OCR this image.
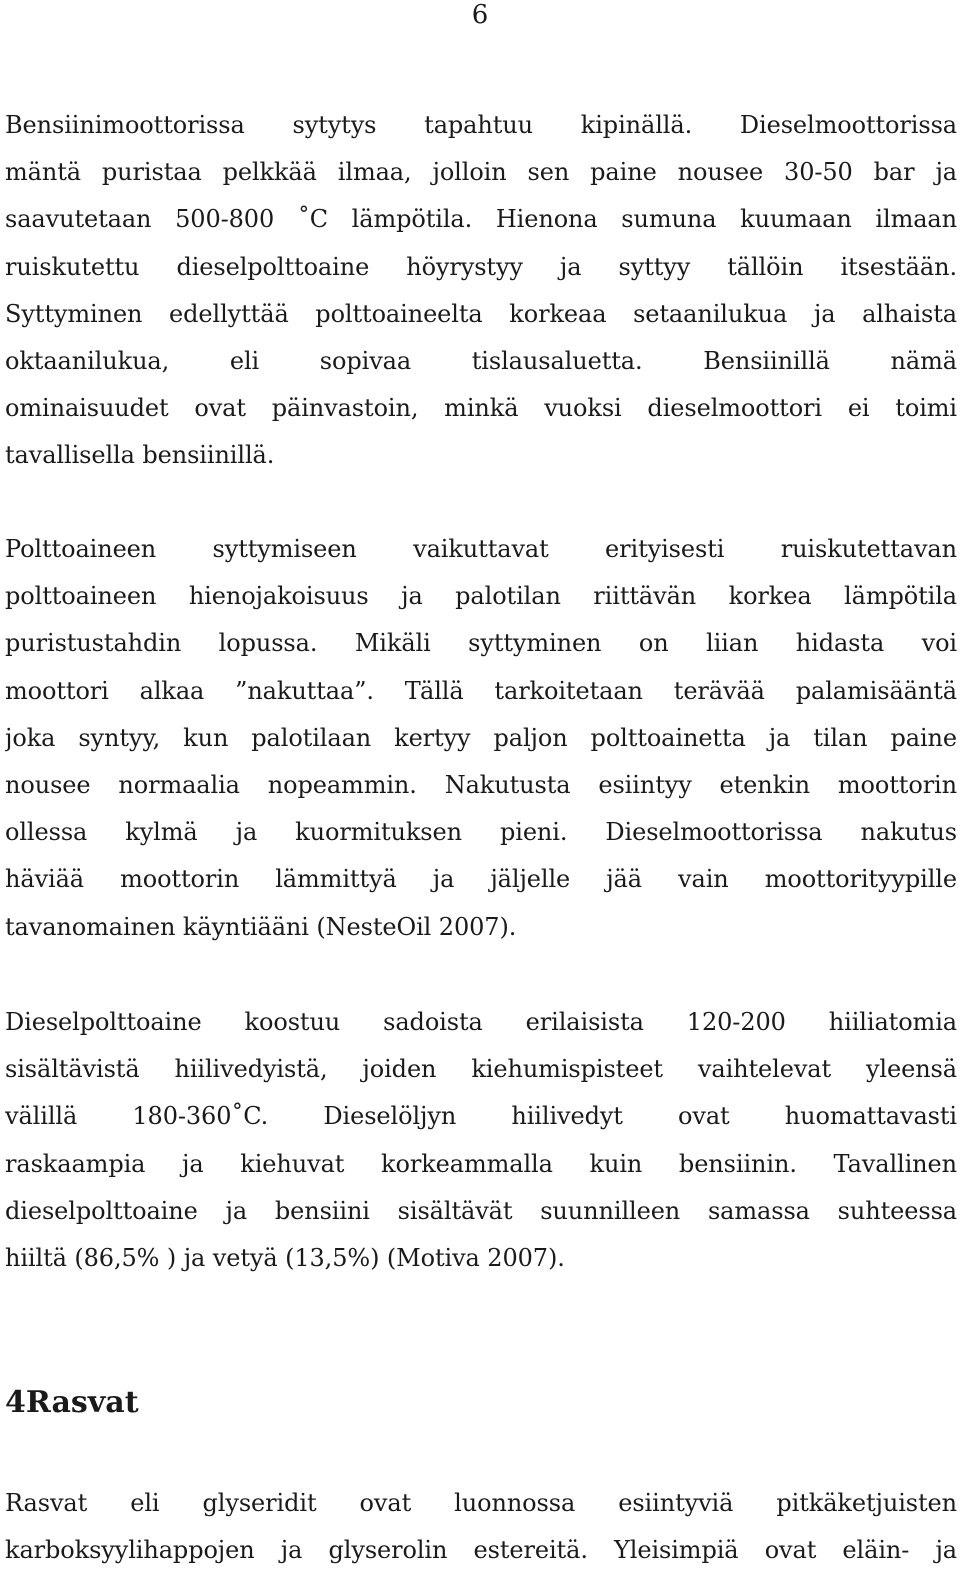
6
Bensiinimoottorissa sytytys tapahtuu kipinällä. Dieselmoottorissa
mäntä puristaa pelkkää ilmaa, jolloin sen paine nousee 30-50 bar ja
saavutetaan 500-800 ˚C lämpötila. Hienona sumuna kuumaan ilmaan
ruiskutettu dieselpolttoaine höyrystyy ja syttyy tällöin itsestään.
Syttyminen edellyttää polttoaineelta korkeaa setaanilukua ja alhaista
oktaanilukua, eli sopivaa tislausaluetta. Bensiinillä nämä
ominaisuudet ovat päinvastoin, minkä vuoksi dieselmoottori ei toimi
tavallisella bensiinillä.
Polttoaineen syttymiseen vaikuttavat erityisesti ruiskutettavan
polttoaineen hienojakoisuus ja palotilan riittävän korkea lämpötila
puristustahdin lopussa. Mikäli syttyminen on liian hidasta voi
moottori alkaa ”nakuttaa”. Tällä tarkoitetaan terävää palamisääntä
joka syntyy, kun palotilaan kertyy paljon polttoainetta ja tilan paine
nousee normaalia nopeammin. Nakutusta esiintyy etenkin moottorin
ollessa kylmä ja kuormituksen pieni. Dieselmoottorissa nakutus
häviää moottorin lämmittyä ja jäljelle jää vain moottorityypille
tavanomainen käyntiääni (NesteOil 2007).
Dieselpolttoaine koostuu sadoista erilaisista 120-200 hiiliatomia
sisältävistä hiilivedyistä, joiden kiehumispisteet vaihtelevat yleensä
välillä 180-360˚C. Dieselöljyn hiilivedyt ovat huomattavasti
raskaampia ja kiehuvat korkeammalla kuin bensiinin. Tavallinen
dieselpolttoaine ja bensiini sisältävät suunnilleen samassa suhteessa
hiiltä (86,5% ) ja vetyä (13,5%) (Motiva 2007).
4Rasvat
Rasvat eli glyseridit ovat luonnossa esiintyviä pitkäketjuisten
karboksyylihappojen ja glyserolin estereitä. Yleisimpiä ovat eläin- ja
